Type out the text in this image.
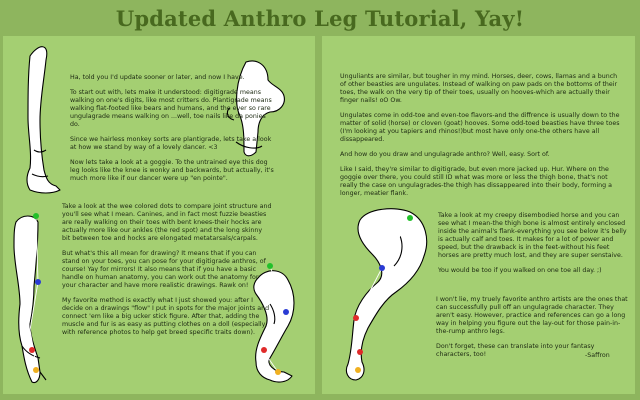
Updated Anthro Leg Tutorial, Yay!

Ha, told you I'd update sooner or later, and now I have.

To start out with, lets make it understood: digitigrade means walking on one's digits, like most critters do. Plantigrade means walking flat-footed like bears and humans, and the ever so rare ungulagrade means walking on ...well, toe nails like da ponies do.

Since we hairless monkey sorts are plantigrade, lets take a look at how we stand by way of a lovely dancer. <3

Now lets take a look at a goggie. To the untrained eye this dog leg looks like the knee is wonky and backwards, but actually, it's much more like if our dancer were up "en pointe".

Take a look at the wee colored dots to compare joint structure and you'll see what I mean. Canines, and in fact most fuzzie beasties are really walking on their toes with bent knees-their hocks are actually more like our ankles (the red spot) and the long skinny bit between toe and hocks are elongated metatarsals/carpals.

But what's this all mean for drawing? It means that if you can stand on your toes, you can pose for your digitigrade anthros, of course! Yay for mirrors! It also means that if you have a basic handle on human anatomy, you can work out the anatomy for your character and have more realistic drawings. Rawk on!

My favorite method is exactly what I just showed you: after I decide on a drawings "flow" I put in spots for the major joints and connect 'em like a big ucker stick figure. After that, adding the muscle and fur is as easy as putting clothes on a doll (especially with reference photos to help get breed specific traits down).

Unguliants are similar, but tougher in my mind. Horses, deer, cows, llamas and a bunch of other beasties are ungulates. Instead of walking on paw pads on the bottoms of their toes, the walk on the very tip of their toes, usually on hooves-which are actually their finger nails! oO Ow.

Ungulates come in odd-toe and even-toe flavors-and the diffrence is usually down to the matter of solid (horse) or cloven (goat) hooves. Some odd-toed beasties have three toes (I'm looking at you tapiers and rhinos!)but most have only one-the others have all dissappeared.

And how do you draw and ungulagrade anthro? Well, easy. Sort of.

Like I said, they're similar to digitigrade, but even more jacked up. Hur. Where on the goggie over there, you could still ID what was more or less the thigh bone, that's not really the case on ungulagrades-the thigh has dissappeared into their body, forming a longer, meatier flank.

Take a look at my creepy disembodied horse and you can see what I mean-the thigh bone is almost entirely enclosed inside the animal's flank-everything you see below it's belly is actually calf and toes. It makes for a lot of power and speed, but the drawback is in the feet-without his feet horses are pretty much lost, and they are super senstaive.

You would be too if you walked on one toe all day. ;)

I won't lie, my truely favorite anthro artists are the ones that can successfully pull off an ungulagrade character. They aren't easy. However, practice and references can go a long way in helping you figure out the lay-out for those pain-in-the-rump anthro legs.

Don't forget, these can translate into your fantasy characters, too!	-Saffron
